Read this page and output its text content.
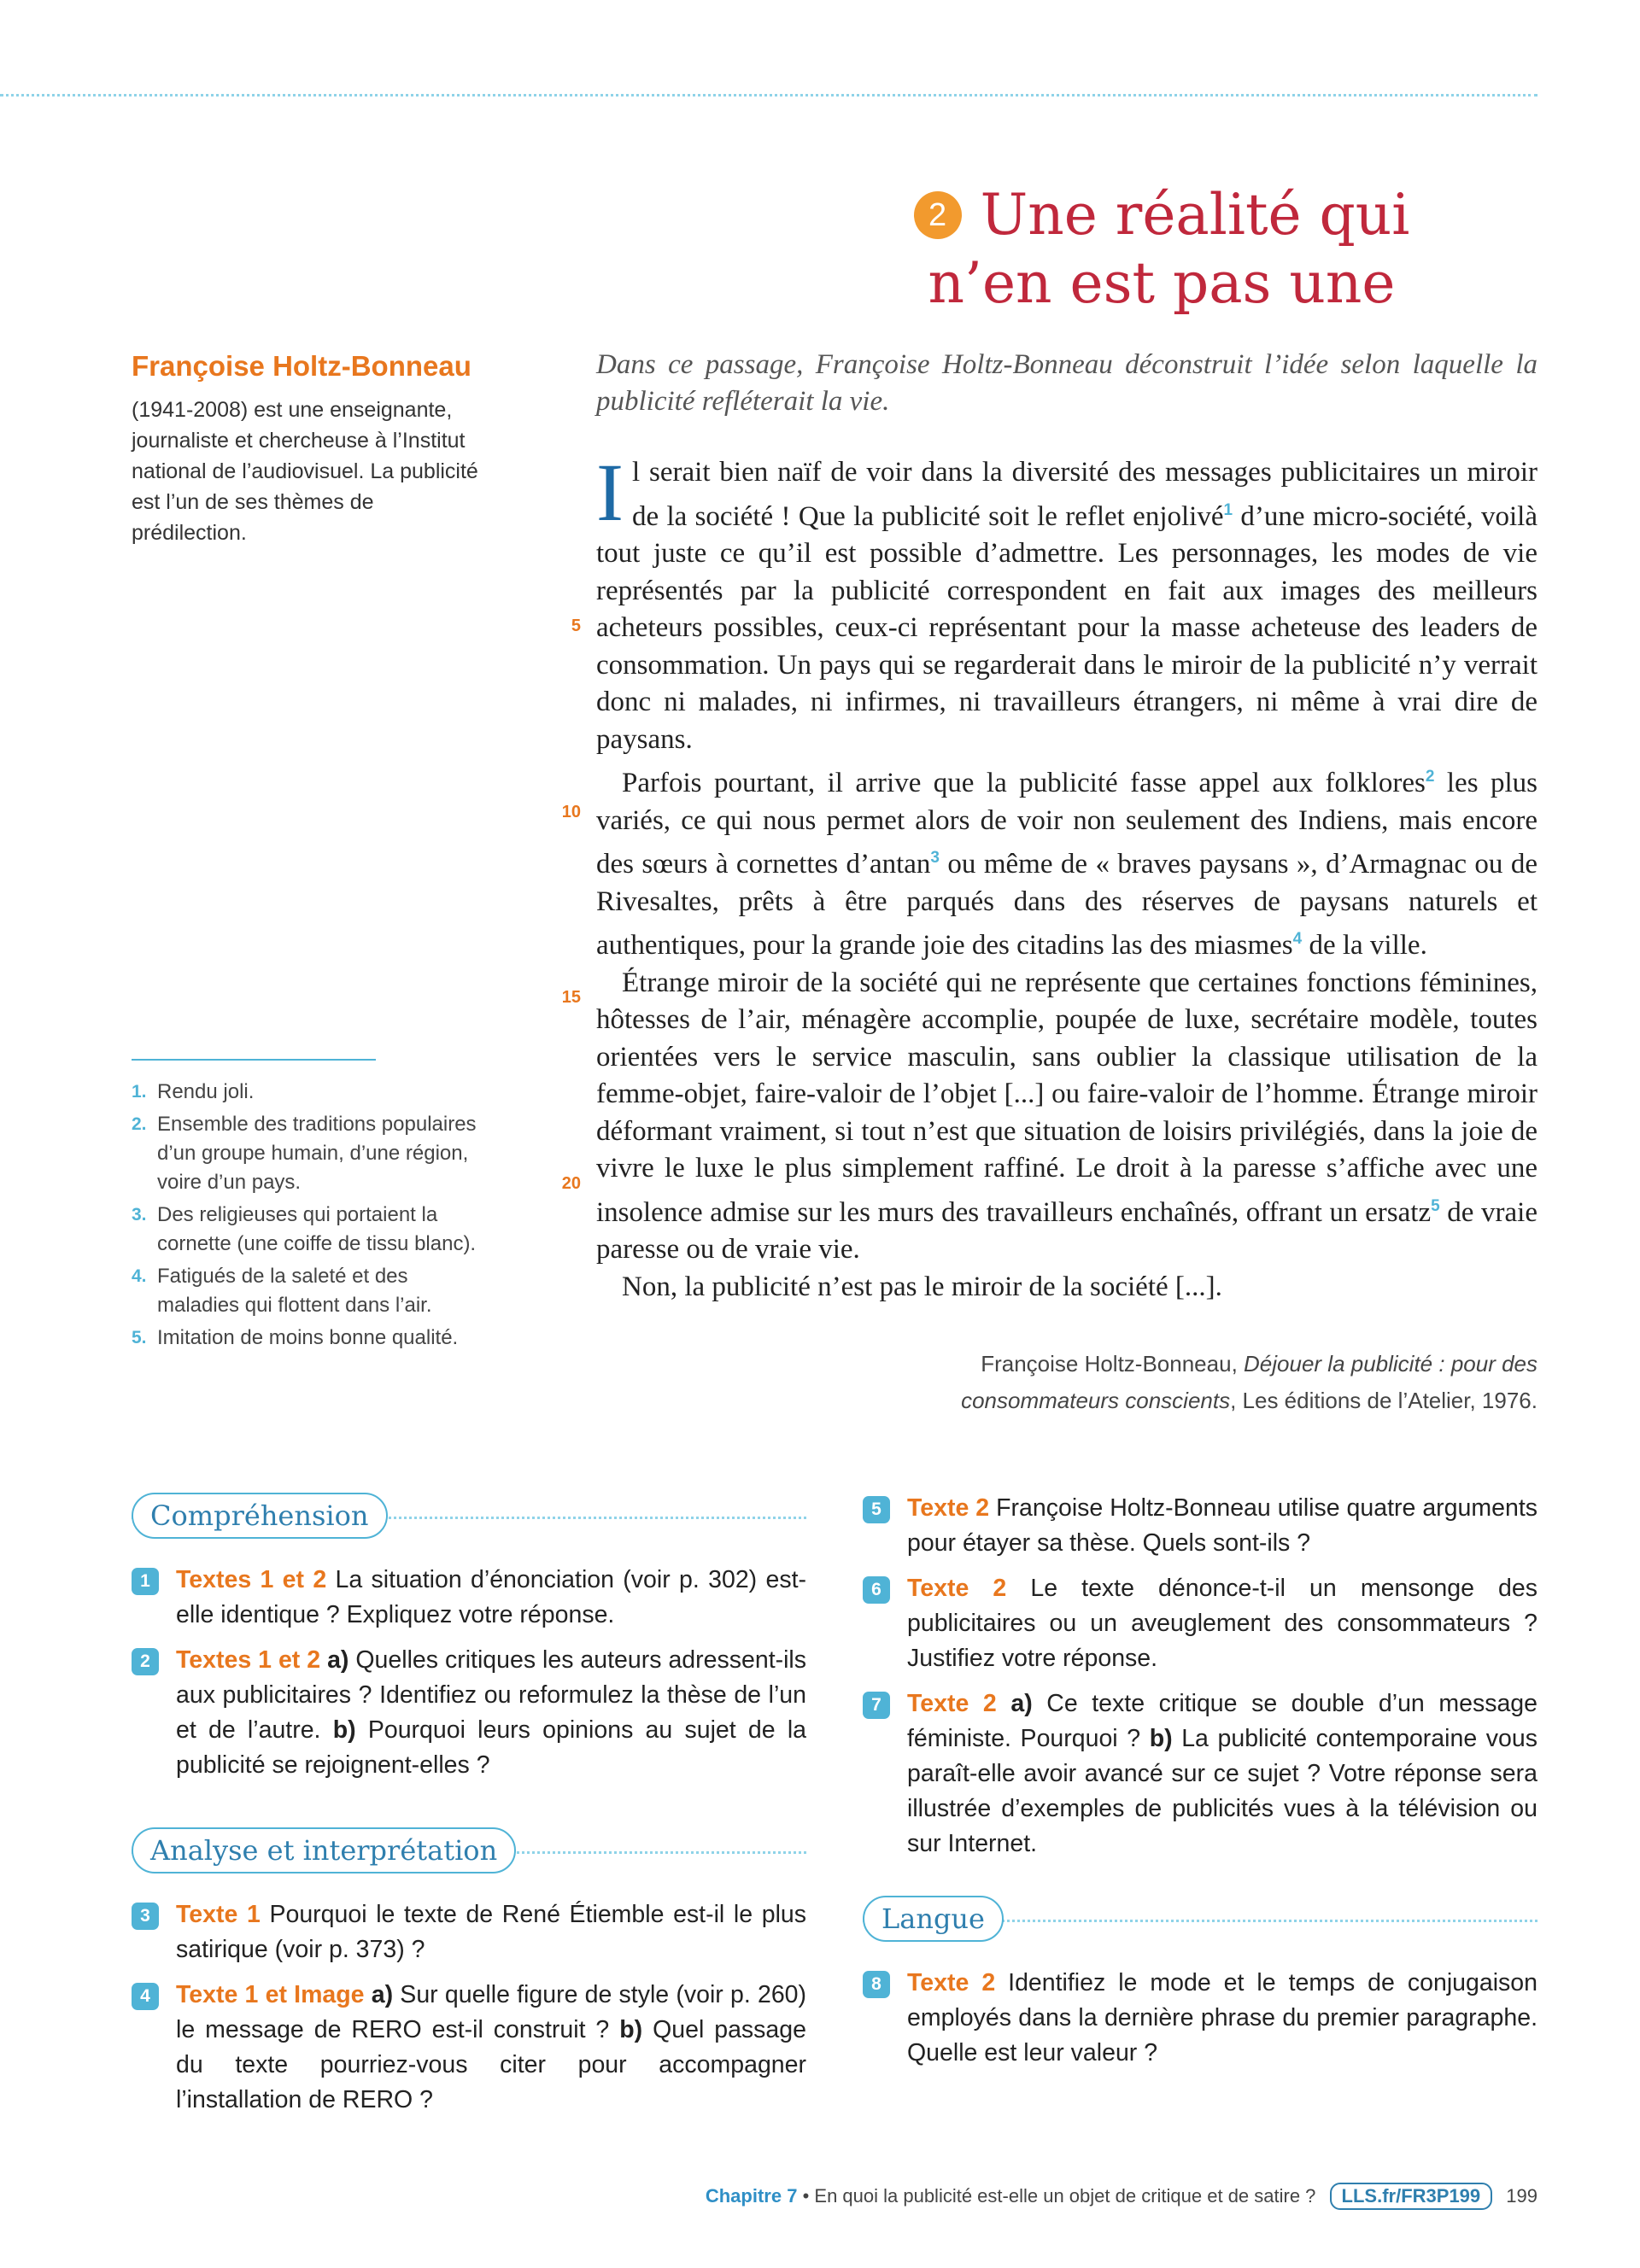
2 Une réalité qui
n’en est pas une
Françoise Holtz-Bonneau
(1941-2008) est une enseignante, journaliste et chercheuse à l’Institut national de l’audiovisuel. La publicité est l’un de ses thèmes de prédilection.
1. Rendu joli.
2. Ensemble des traditions populaires d’un groupe humain, d’une région, voire d’un pays.
3. Des religieuses qui portaient la cornette (une coiffe de tissu blanc).
4. Fatigués de la saleté et des maladies qui flottent dans l’air.
5. Imitation de moins bonne qualité.
Dans ce passage, Françoise Holtz-Bonneau déconstruit l’idée selon laquelle la publicité refléterait la vie.
5
10
15
20

Il serait bien naïf de voir dans la diversité des messages publicitaires un miroir de la société ! Que la publicité soit le reflet enjolivé$^1$ d’une micro-société, voilà tout juste ce qu’il est possible d’admettre. Les personnages, les modes de vie représentés par la publicité correspondent en fait aux images des meilleurs acheteurs possibles, ceux-ci représentant pour la masse acheteuse des leaders de consommation. Un pays qui se regarderait dans le miroir de la publicité n’y verrait donc ni malades, ni infirmes, ni travailleurs étrangers, ni même à vrai dire de paysans.

Parfois pourtant, il arrive que la publicité fasse appel aux folklores$^2$ les plus variés, ce qui nous permet alors de voir non seulement des Indiens, mais encore des sœurs à cornettes d’antan$^3$ ou même de « braves paysans », d’Armagnac ou de Rivesaltes, prêts à être parqués dans des réserves de paysans naturels et authentiques, pour la grande joie des citadins las des miasmes$^4$ de la ville.

Étrange miroir de la société qui ne représente que certaines fonctions féminines, hôtesses de l’air, ménagère accomplie, poupée de luxe, secrétaire modèle, toutes orientées vers le service masculin, sans oublier la classique utilisation de la femme-objet, faire-valoir de l’objet [...] ou faire-valoir de l’homme. Étrange miroir déformant vraiment, si tout n’est que situation de loisirs privilégiés, dans la joie de vivre le luxe le plus simplement raffiné. Le droit à la paresse s’affiche avec une insolence admise sur les murs des travailleurs enchaînés, offrant un ersatz$^5$ de vraie paresse ou de vraie vie.

Non, la publicité n’est pas le miroir de la société [...].

Françoise Holtz-Bonneau, Déjouer la publicité : pour des consommateurs conscients, Les éditions de l’Atelier, 1976.
Compréhension
1	Textes 1 et 2 La situation d’énonciation (voir p. 302) est-elle identique ? Expliquez votre réponse.
2	Textes 1 et 2 a) Quelles critiques les auteurs adressent-ils aux publicitaires ? Identifiez ou reformulez la thèse de l’un et de l’autre. b) Pourquoi leurs opinions au sujet de la publicité se rejoignent-elles ?
Analyse et interprétation
3	Texte 1 Pourquoi le texte de René Étiemble est-il le plus satirique (voir p. 373) ?
4	Texte 1 et Image a) Sur quelle figure de style (voir p. 260) le message de RERO est-il construit ? b) Quel passage du texte pourriez-vous citer pour accompagner l’installation de RERO ?
5	Texte 2 Françoise Holtz-Bonneau utilise quatre arguments pour étayer sa thèse. Quels sont-ils ?
6	Texte 2 Le texte dénonce-t-il un mensonge des publicitaires ou un aveuglement des consommateurs ? Justifiez votre réponse.
7	Texte 2 a) Ce texte critique se double d’un message féministe. Pourquoi ? b) La publicité contemporaine vous paraît-elle avoir avancé sur ce sujet ? Votre réponse sera illustrée d’exemples de publicités vues à la télévision ou sur Internet.
Langue
8	Texte 2 Identifiez le mode et le temps de conjugaison employés dans la dernière phrase du premier paragraphe. Quelle est leur valeur ?
Chapitre 7 • En quoi la publicité est-elle un objet de critique et de satire ? LLS.fr/FR3P199 199
